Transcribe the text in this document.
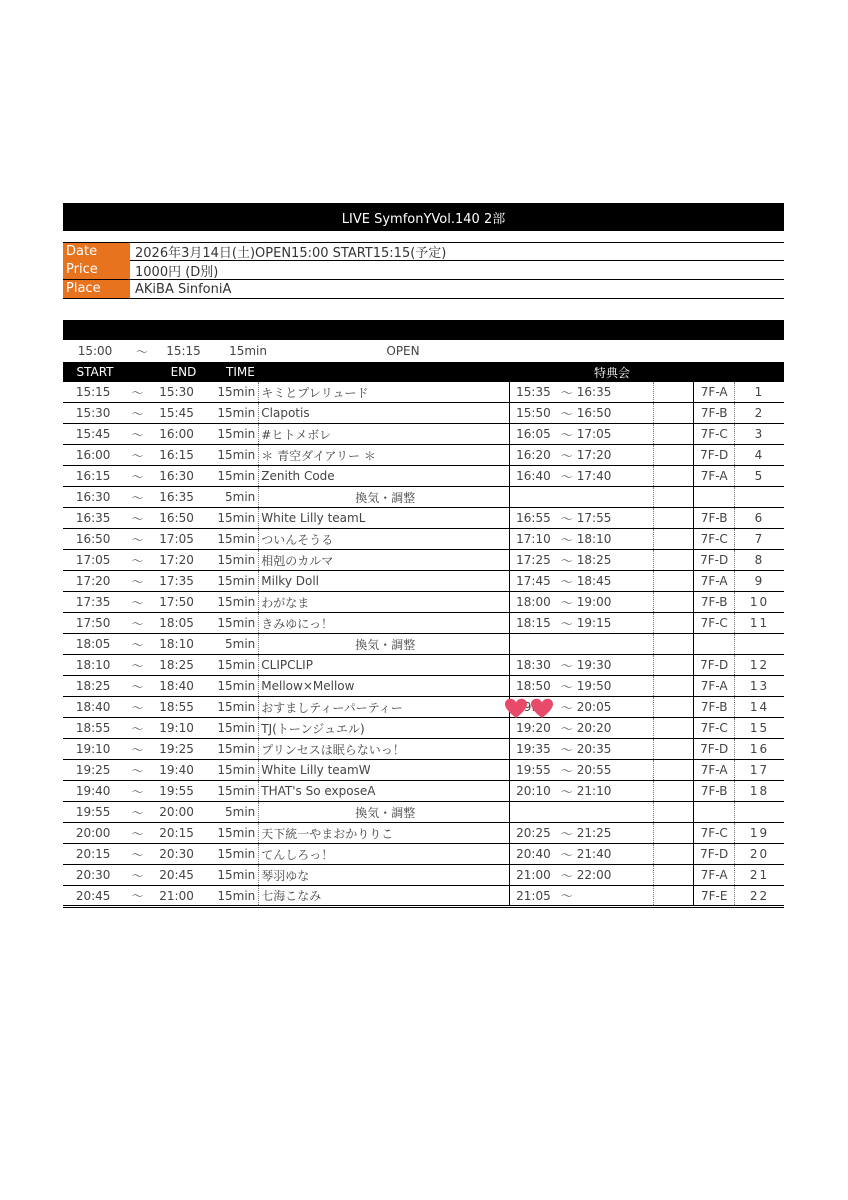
LIVE SymfonYVol.140 2部
Date	2026年3月14日(土)OPEN15:00 START15:15(予定)
Price	1000円 (D別)
Place	AKiBA SinfoniA
15:00	〜	15:15	15min	OPEN
START	END	TIME	特典会
15:15	〜	15:30	15min キミとプレリュード	15:35 〜 16:35	7F-A	1
15:30	〜	15:45	15min Clapotis	15:50 〜 16:50	7F-B	2
15:45	〜	16:00	15min #ヒトメボレ	16:05 〜 17:05	7F-C	3
16:00	〜	16:15	15min ＊ 青空ダイアリー ＊	16:20 〜 17:20	7F-D	4
16:15	〜	16:30	15min Zenith Code	16:40 〜 17:40	7F-A	5
16:30	〜	16:35	5min	換気・調整
16:35	〜	16:50	15min White Lilly teamL	16:55 〜 17:55	7F-B	6
16:50	〜	17:05	15min ついんそうる	17:10 〜 18:10	7F-C	7
17:05	〜	17:20	15min 相剋のカルマ	17:25 〜 18:25	7F-D	8
17:20	〜	17:35	15min Milky Doll	17:45 〜 18:45	7F-A	9
17:35	〜	17:50	15min わがなま	18:00 〜 19:00	7F-B	10
17:50	〜	18:05	15min きみゆにっ！	18:15 〜 19:15	7F-C	11
18:05	〜	18:10	5min	換気・調整
18:10	〜	18:25	15min CLIPCLIP	18:30 〜 19:30	7F-D	12
18:25	〜	18:40	15min Mellow×Mellow	18:50 〜 19:50	7F-A	13
18:40	〜	18:55	15min おすましティーパーティー	〜 20:05	7F-B	14
18:55	〜	19:10	15min TJ(トーンジュエル)	19:20 〜 20:20	7F-C	15
19:10	〜	19:25	15min プリンセスは眠らないっ！	19:35 〜 20:35	7F-D	16
19:25	〜	19:40	15min White Lilly teamW	19:55 〜 20:55	7F-A	17
19:40	〜	19:55	15min THAT's So exposeA	20:10 〜 21:10	7F-B	18
19:55	〜	20:00	5min	換気・調整
20:00	〜	20:15	15min 天下統一やまおかりりこ	20:25 〜 21:25	7F-C	19
20:15	〜	20:30	15min てんしろっ！	20:40 〜 21:40	7F-D	20
20:30	〜	20:45	15min 琴羽ゆな	21:00 〜 22:00	7F-A	21
20:45	〜	21:00	15min 七海こなみ	21:05 〜	7F-E	22
